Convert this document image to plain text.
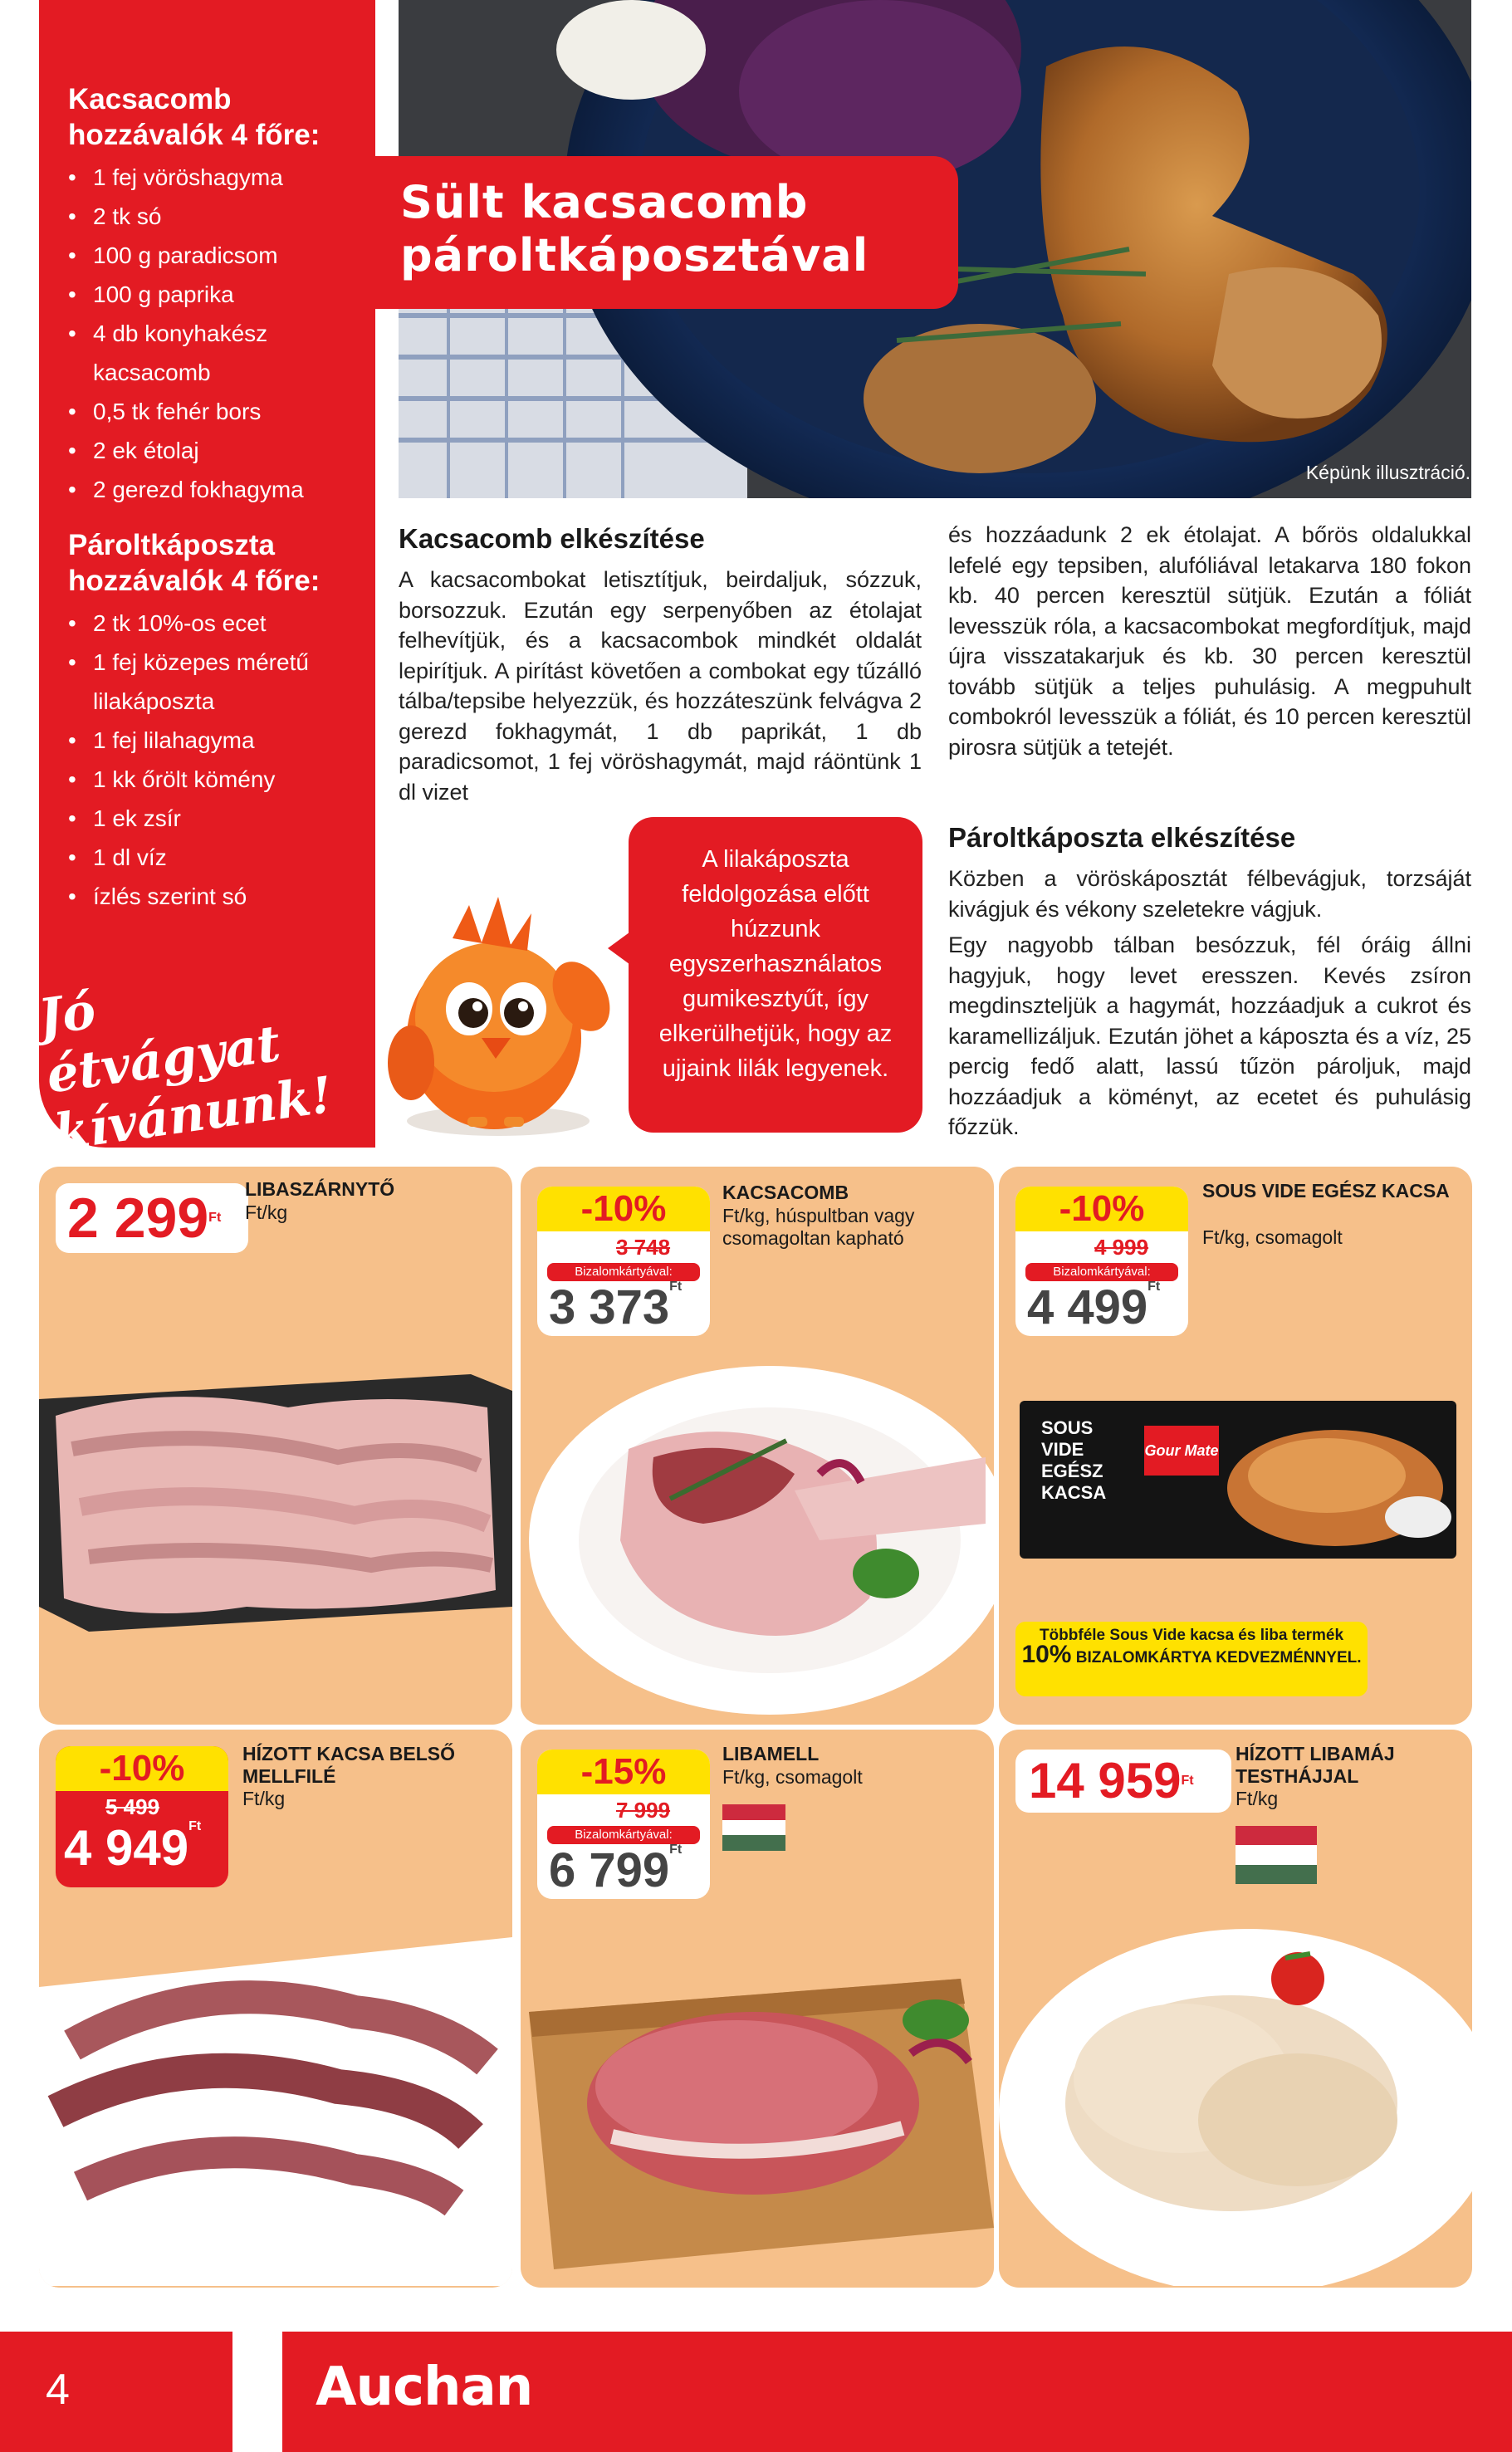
Kacsacomb hozzávalók 4 főre:
• 1 fej vöröshagyma
• 2 tk só
• 100 g paradicsom
• 100 g paprika
• 4 db konyhakész kacsacomb
• 0,5 tk fehér bors
• 2 ek étolaj
• 2 gerezd fokhagyma
Pároltkáposzta hozzávalók 4 főre:
• 2 tk 10%-os ecet
• 1 fej közepes méretű lilakáposzta
• 1 fej lilahagyma
• 1 kk őrölt kömény
• 1 ek zsír
• 1 dl víz
• ízlés szerint só
Jó étvágyat kívánunk!
Sült kacsacomb pároltkáposztával
Képünk illusztráció.
Kacsacomb elkészítése
A kacsacombokat letisztítjuk, beirdaljuk, sózzuk, borsozzuk. Ezután egy serpenyőben az étolajat felhevítjük, és a kacsacombok mindkét oldalát lepirítjuk. A pirítást követően a combokat egy tűzálló tálba/tepsibe helyezzük, és hozzáteszünk felvágva 2 gerezd fokhagymát, 1 db paprikát, 1 db paradicsomot, 1 fej vöröshagymát, majd ráöntünk 1 dl vizet
és hozzáadunk 2 ek étolajat. A bőrös oldalukkal lefelé egy tepsiben, alufóliával letakarva 180 fokon kb. 40 percen keresztül sütjük. Ezután a fóliát levesszük róla, a kacsacombokat megfordítjuk, majd újra visszatakarjuk és kb. 30 percen keresztül tovább sütjük a teljes puhulásig. A megpuhult combokról levesszük a fóliát, és 10 percen keresztül pirosra sütjük a tetejét.
Pároltkáposzta elkészítése
Közben a vöröskáposztát félbevágjuk, torzsáját kivágjuk és vékony szeletekre vágjuk.
Egy nagyobb tálban besózzuk, fél óráig állni hagyjuk, hogy levet eresszen. Kevés zsíron megdinszteljük a hagymát, hozzáadjuk a cukrot és karamellizáljuk. Ezután jöhet a káposzta és a víz, 25 percig fedő alatt, lassú tűzön pároljuk, majd hozzáadjuk a köményt, az ecetet és puhulásig főzzük.
A lilakáposzta feldolgozása előtt húzzunk egyszerhasználatos gumikesztyűt, így elkerülhetjük, hogy az ujjaink lilák legyenek.
2 $299^{Ft}$
LIBASZÁRNYTŐ
Ft/kg	-10%
3 748
Bizalomkártyával:
3 $373^{Ft}$
KACSACOMB
Ft/kg, húspultban vagy csomagoltan kapható
-10%
4 999
Bizalomkártyával:
4 $499^{Ft}$
SOUS VIDE EGÉSZ KACSA
Ft/kg, csomagolt
SOUS VIDE EGÉSZ KACSA
Gour Mate
Többféle Sous Vide kacsa és liba termék
10% BIZALOMKÁRTYA KEDVEZMÉNNYEL.
-10%
5 499
4 $949^{Ft}$
HÍZOTT KACSA BELSŐ MELLFILÉ
Ft/kg
-15%
7 999
Bizalomkártyával:
6 $799^{Ft}$
LIBAMELL
Ft/kg, csomagolt	14 $959^{Ft}$
HÍZOTT LIBAMÁJ TESTHÁJJAL
Ft/kg
4	Auchan
